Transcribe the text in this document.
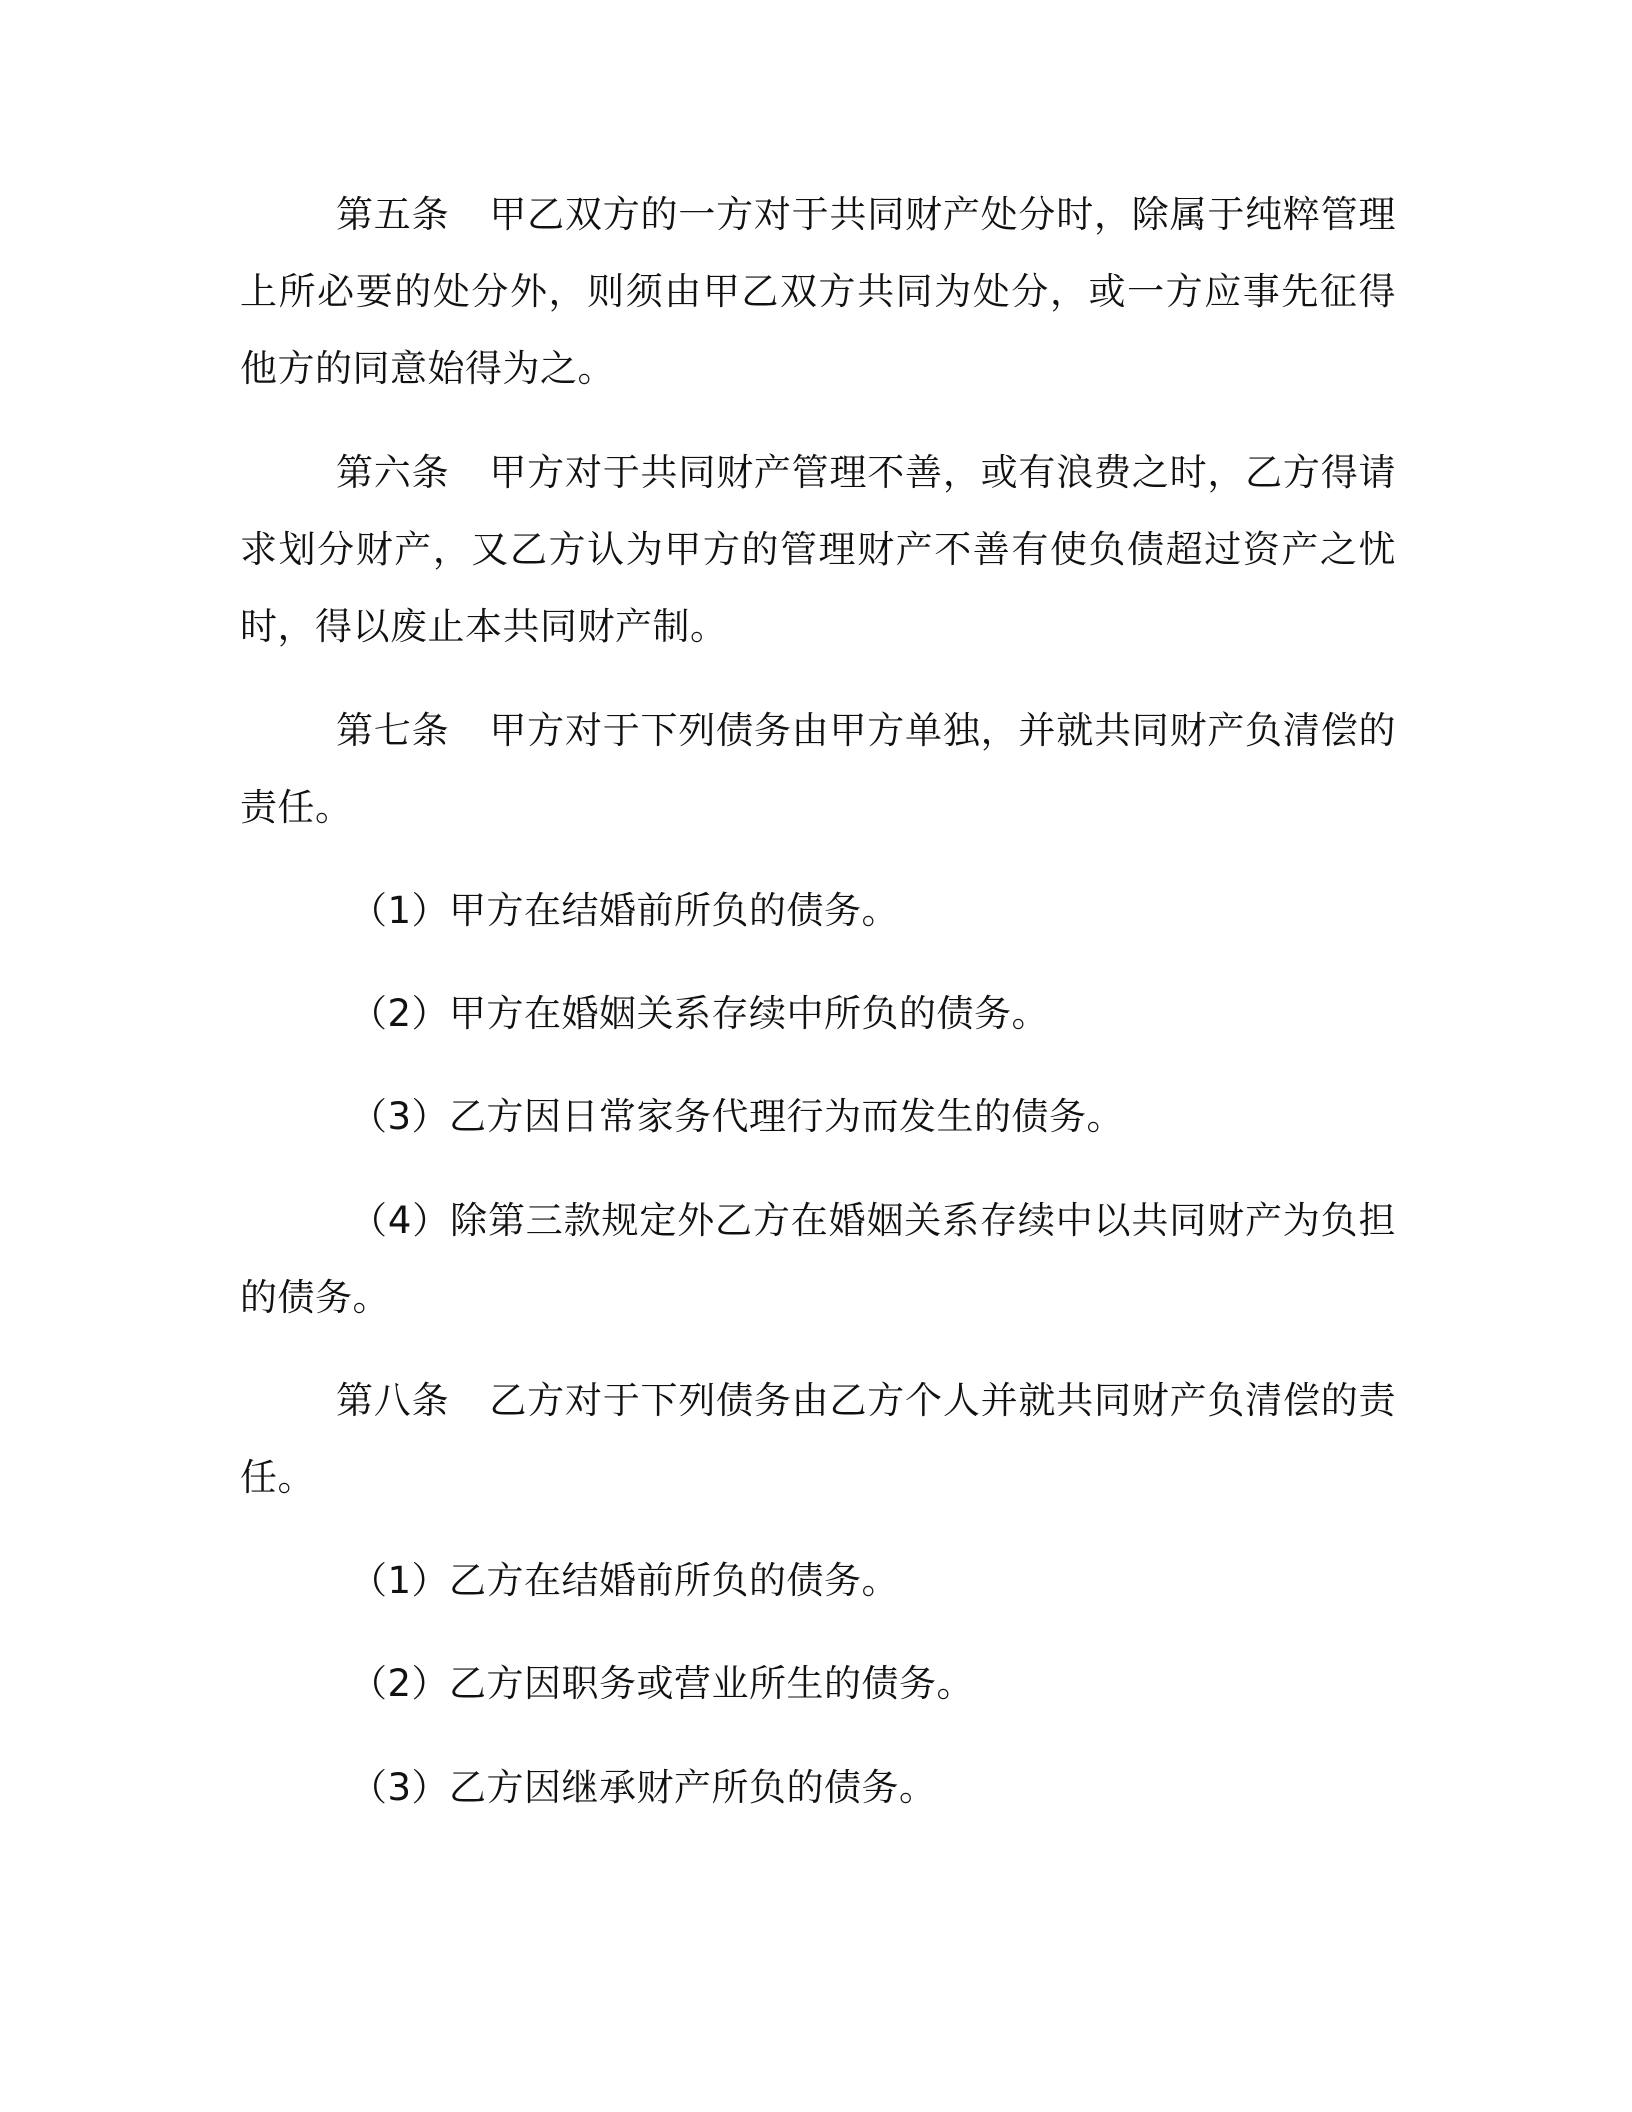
第五条 甲乙双方的一方对于共同财产处分时，除属于纯粹管理上所必要的处分外，则须由甲乙双方共同为处分，或一方应事先征得他方的同意始得为之。

第六条 甲方对于共同财产管理不善，或有浪费之时，乙方得请求划分财产，又乙方认为甲方的管理财产不善有使负债超过资产之忧时，得以废止本共同财产制。

第七条 甲方对于下列债务由甲方单独，并就共同财产负清偿的责任。

（1）甲方在结婚前所负的债务。

（2）甲方在婚姻关系存续中所负的债务。

（3）乙方因日常家务代理行为而发生的债务。

（4）除第三款规定外乙方在婚姻关系存续中以共同财产为负担的债务。

第八条 乙方对于下列债务由乙方个人并就共同财产负清偿的责任。

（1）乙方在结婚前所负的债务。

（2）乙方因职务或营业所生的债务。

（3）乙方因继承财产所负的债务。
